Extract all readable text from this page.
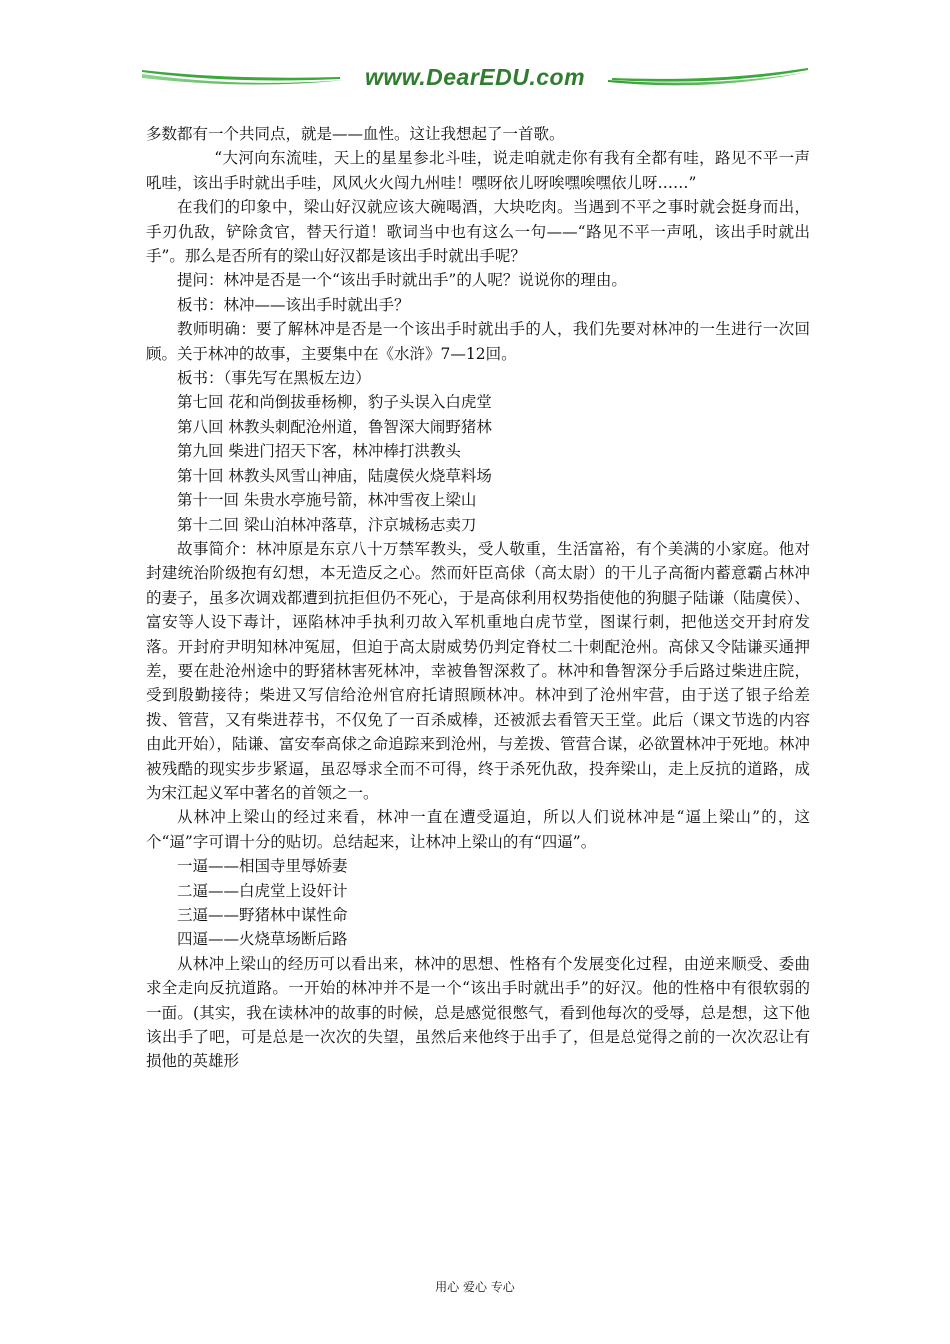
www.DearEDU.com

多数都有一个共同点，就是——血性。这让我想起了一首歌。

“大河向东流哇，天上的星星参北斗哇，说走咱就走你有我有全都有哇，路见不平一声吼哇，该出手时就出手哇，风风火火闯九州哇！嘿呀依儿呀唉嘿唉嘿依儿呀……”

在我们的印象中，梁山好汉就应该大碗喝酒，大块吃肉。当遇到不平之事时就会挺身而出，手刃仇敌，铲除贪官，替天行道！歌词当中也有这么一句——“路见不平一声吼，该出手时就出手”。那么是否所有的梁山好汉都是该出手时就出手呢？

提问：林冲是否是一个“该出手时就出手”的人呢？说说你的理由。

板书：林冲——该出手时就出手？

教师明确：要了解林冲是否是一个该出手时就出手的人，我们先要对林冲的一生进行一次回顾。关于林冲的故事，主要集中在《水浒》7—12回。

板书：（事先写在黑板左边）

第七回 花和尚倒拔垂杨柳，豹子头误入白虎堂

第八回 林教头刺配沧州道，鲁智深大闹野猪林

第九回 柴进门招天下客，林冲棒打洪教头

第十回 林教头风雪山神庙，陆虞侯火烧草料场

第十一回 朱贵水亭施号箭，林冲雪夜上梁山

第十二回 梁山泊林冲落草，汴京城杨志卖刀

故事简介：林冲原是东京八十万禁军教头，受人敬重，生活富裕，有个美满的小家庭。他对封建统治阶级抱有幻想，本无造反之心。然而奸臣高俅（高太尉）的干儿子高衙内蓄意霸占林冲的妻子，虽多次调戏都遭到抗拒但仍不死心，于是高俅利用权势指使他的狗腿子陆谦（陆虞侯）、富安等人设下毒计，诬陷林冲手执利刃故入军机重地白虎节堂，图谋行刺，把他送交开封府发落。开封府尹明知林冲冤屈，但迫于高太尉威势仍判定脊杖二十刺配沧州。高俅又令陆谦买通押差，要在赴沧州途中的野猪林害死林冲，幸被鲁智深救了。林冲和鲁智深分手后路过柴进庄院，受到殷勤接待；柴进又写信给沧州官府托请照顾林冲。林冲到了沧州牢营，由于送了银子给差拨、管营，又有柴进荐书，不仅免了一百杀威棒，还被派去看管天王堂。此后（课文节选的内容由此开始），陆谦、富安奉高俅之命追踪来到沧州，与差拨、管营合谋，必欲置林冲于死地。林冲被残酷的现实步步紧逼，虽忍辱求全而不可得，终于杀死仇敌，投奔梁山，走上反抗的道路，成为宋江起义军中著名的首领之一。

从林冲上梁山的经过来看，林冲一直在遭受逼迫，所以人们说林冲是“逼上梁山”的，这个“逼”字可谓十分的贴切。总结起来，让林冲上梁山的有“四逼”。

一逼——相国寺里辱娇妻

二逼——白虎堂上设奸计

三逼——野猪林中谋性命

四逼——火烧草场断后路

从林冲上梁山的经历可以看出来，林冲的思想、性格有个发展变化过程，由逆来顺受、委曲求全走向反抗道路。一开始的林冲并不是一个“该出手时就出手”的好汉。他的性格中有很软弱的一面。(其实，我在读林冲的故事的时候，总是感觉很憋气，看到他每次的受辱，总是想，这下他该出手了吧，可是总是一次次的失望，虽然后来他终于出手了，但是总觉得之前的一次次忍让有损他的英雄形

用心 爱心 专心
